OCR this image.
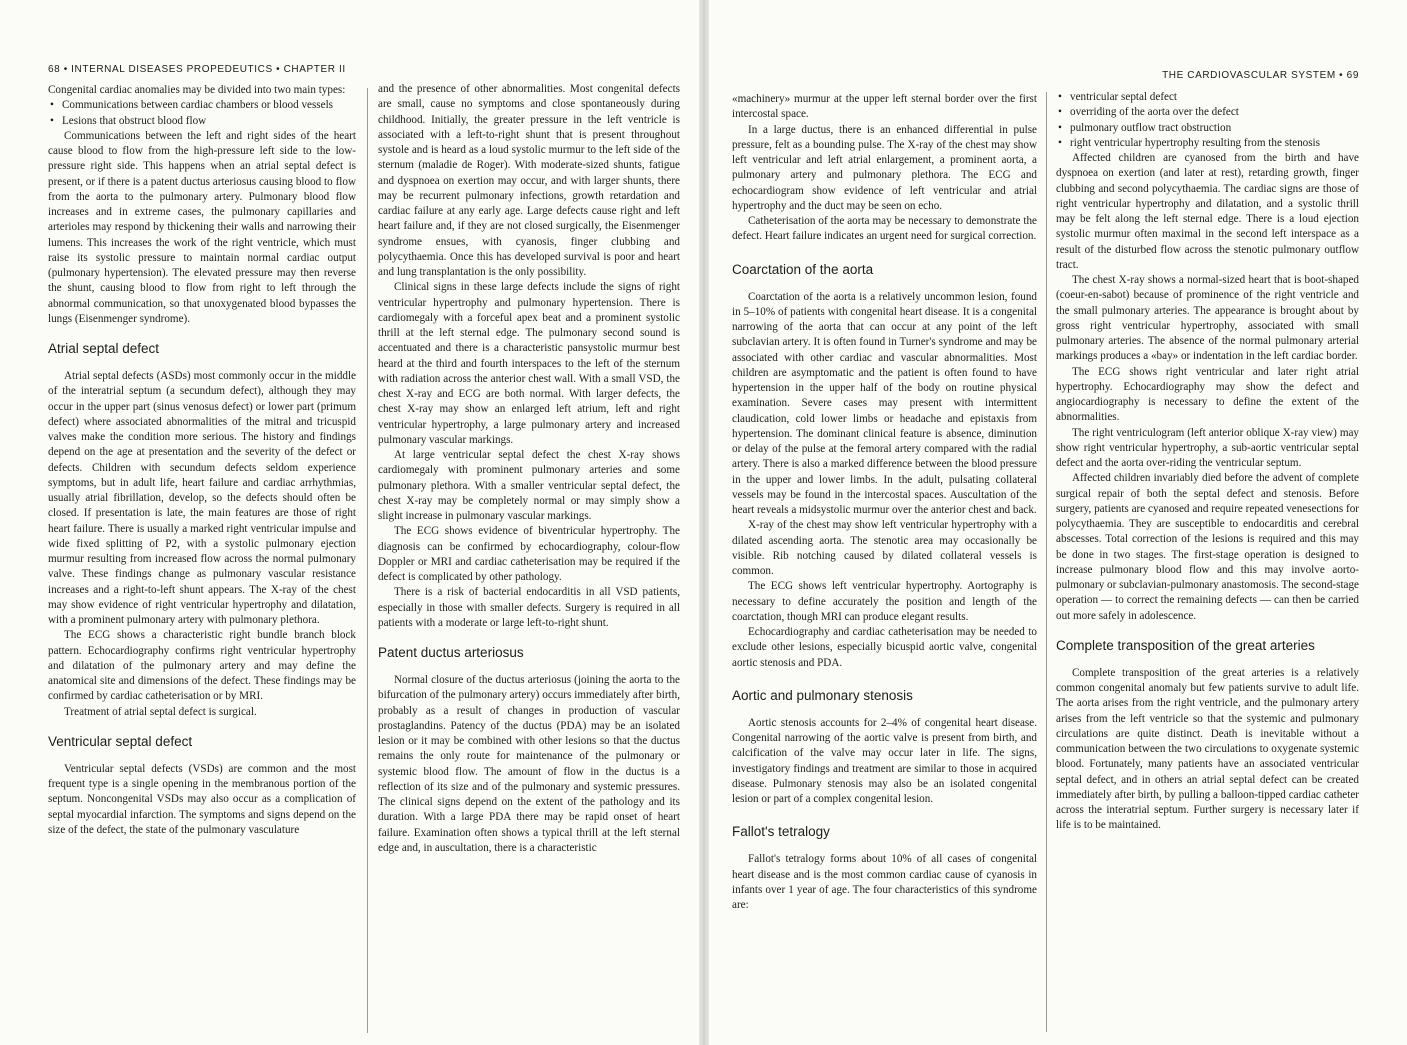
68 • INTERNAL DISEASES PROPEDEUTICS • CHAPTER II

Congenital cardiac anomalies may be divided into two main types:

• Communications between cardiac chambers or blood vessels

• Lesions that obstruct blood flow

Communications between the left and right sides of the heart cause blood to flow from the high-pressure left side to the low-pressure right side. This happens when an atrial septal defect is present, or if there is a patent ductus arteriosus causing blood to flow from the aorta to the pulmonary artery. Pulmonary blood flow increases and in extreme cases, the pulmonary capillaries and arterioles may respond by thickening their walls and narrowing their lumens. This increases the work of the right ventricle, which must raise its systolic pressure to maintain normal cardiac output (pulmonary hypertension). The elevated pressure may then reverse the shunt, causing blood to flow from right to left through the abnormal communication, so that unoxygenated blood bypasses the lungs (Eisenmenger syndrome).

Atrial septal defect

Atrial septal defects (ASDs) most commonly occur in the middle of the interatrial septum (a secundum defect), although they may occur in the upper part (sinus venosus defect) or lower part (primum defect) where associated abnormalities of the mitral and tricuspid valves make the condition more serious. The history and findings depend on the age at presentation and the severity of the defect or defects. Children with secundum defects seldom experience symptoms, but in adult life, heart failure and cardiac arrhythmias, usually atrial fibrillation, develop, so the defects should often be closed. If presentation is late, the main features are those of right heart failure. There is usually a marked right ventricular impulse and wide fixed splitting of P2, with a systolic pulmonary ejection murmur resulting from increased flow across the normal pulmonary valve. These findings change as pulmonary vascular resistance increases and a right-to-left shunt appears. The X-ray of the chest may show evidence of right ventricular hypertrophy and dilatation, with a prominent pulmonary artery with pulmonary plethora.

The ECG shows a characteristic right bundle branch block pattern. Echocardiography confirms right ventricular hypertrophy and dilatation of the pulmonary artery and may define the anatomical site and dimensions of the defect. These findings may be confirmed by cardiac catheterisation or by MRI.

Treatment of atrial septal defect is surgical.

Ventricular septal defect

Ventricular septal defects (VSDs) are common and the most frequent type is a single opening in the membranous portion of the septum. Noncongenital VSDs may also occur as a complication of septal myocardial infarction. The symptoms and signs depend on the size of the defect, the state of the pulmonary vasculature

and the presence of other abnormalities. Most congenital defects are small, cause no symptoms and close spontaneously during childhood. Initially, the greater pressure in the left ventricle is associated with a left-to-right shunt that is present throughout systole and is heard as a loud systolic murmur to the left side of the sternum (maladie de Roger). With moderate-sized shunts, fatigue and dyspnoea on exertion may occur, and with larger shunts, there may be recurrent pulmonary infections, growth retardation and cardiac failure at any early age. Large defects cause right and left heart failure and, if they are not closed surgically, the Eisenmenger syndrome ensues, with cyanosis, finger clubbing and polycythaemia. Once this has developed survival is poor and heart and lung transplantation is the only possibility.

Clinical signs in these large defects include the signs of right ventricular hypertrophy and pulmonary hypertension. There is cardiomegaly with a forceful apex beat and a prominent systolic thrill at the left sternal edge. The pulmonary second sound is accentuated and there is a characteristic pansystolic murmur best heard at the third and fourth interspaces to the left of the sternum with radiation across the anterior chest wall. With a small VSD, the chest X-ray and ECG are both normal. With larger defects, the chest X-ray may show an enlarged left atrium, left and right ventricular hypertrophy, a large pulmonary artery and increased pulmonary vascular markings.

At large ventricular septal defect the chest X-ray shows cardiomegaly with prominent pulmonary arteries and some pulmonary plethora. With a smaller ventricular septal defect, the chest X-ray may be completely normal or may simply show a slight increase in pulmonary vascular markings.

The ECG shows evidence of biventricular hypertrophy. The diagnosis can be confirmed by echocardiography, colour-flow Doppler or MRI and cardiac catheterisation may be required if the defect is complicated by other pathology.

There is a risk of bacterial endocarditis in all VSD patients, especially in those with smaller defects. Surgery is required in all patients with a moderate or large left-to-right shunt.

Patent ductus arteriosus

Normal closure of the ductus arteriosus (joining the aorta to the bifurcation of the pulmonary artery) occurs immediately after birth, probably as a result of changes in production of vascular prostaglandins. Patency of the ductus (PDA) may be an isolated lesion or it may be combined with other lesions so that the ductus remains the only route for maintenance of the pulmonary or systemic blood flow. The amount of flow in the ductus is a reflection of its size and of the pulmonary and systemic pressures. The clinical signs depend on the extent of the pathology and its duration. With a large PDA there may be rapid onset of heart failure. Examination often shows a typical thrill at the left sternal edge and, in auscultation, there is a characteristic

THE CARDIOVASCULAR SYSTEM • 69

«machinery» murmur at the upper left sternal border over the first intercostal space.

In a large ductus, there is an enhanced differential in pulse pressure, felt as a bounding pulse. The X-ray of the chest may show left ventricular and left atrial enlargement, a prominent aorta, a pulmonary artery and pulmonary plethora. The ECG and echocardiogram show evidence of left ventricular and atrial hypertrophy and the duct may be seen on echo.

Catheterisation of the aorta may be necessary to demonstrate the defect. Heart failure indicates an urgent need for surgical correction.

Coarctation of the aorta

Coarctation of the aorta is a relatively uncommon lesion, found in 5–10% of patients with congenital heart disease. It is a congenital narrowing of the aorta that can occur at any point of the left subclavian artery. It is often found in Turner's syndrome and may be associated with other cardiac and vascular abnormalities. Most children are asymptomatic and the patient is often found to have hypertension in the upper half of the body on routine physical examination. Severe cases may present with intermittent claudication, cold lower limbs or headache and epistaxis from hypertension. The dominant clinical feature is absence, diminution or delay of the pulse at the femoral artery compared with the radial artery. There is also a marked difference between the blood pressure in the upper and lower limbs. In the adult, pulsating collateral vessels may be found in the intercostal spaces. Auscultation of the heart reveals a midsystolic murmur over the anterior chest and back.

X-ray of the chest may show left ventricular hypertrophy with a dilated ascending aorta. The stenotic area may occasionally be visible. Rib notching caused by dilated collateral vessels is common.

The ECG shows left ventricular hypertrophy. Aortography is necessary to define accurately the position and length of the coarctation, though MRI can produce elegant results.

Echocardiography and cardiac catheterisation may be needed to exclude other lesions, especially bicuspid aortic valve, congenital aortic stenosis and PDA.

Aortic and pulmonary stenosis

Aortic stenosis accounts for 2–4% of congenital heart disease. Congenital narrowing of the aortic valve is present from birth, and calcification of the valve may occur later in life. The signs, investigatory findings and treatment are similar to those in acquired disease. Pulmonary stenosis may also be an isolated congenital lesion or part of a complex congenital lesion.

Fallot's tetralogy

Fallot's tetralogy forms about 10% of all cases of congenital heart disease and is the most common cardiac cause of cyanosis in infants over 1 year of age. The four characteristics of this syndrome are:

• ventricular septal defect

• overriding of the aorta over the defect

• pulmonary outflow tract obstruction

• right ventricular hypertrophy resulting from the stenosis

Affected children are cyanosed from the birth and have dyspnoea on exertion (and later at rest), retarding growth, finger clubbing and second polycythaemia. The cardiac signs are those of right ventricular hypertrophy and dilatation, and a systolic thrill may be felt along the left sternal edge. There is a loud ejection systolic murmur often maximal in the second left interspace as a result of the disturbed flow across the stenotic pulmonary outflow tract.

The chest X-ray shows a normal-sized heart that is boot-shaped (coeur-en-sabot) because of prominence of the right ventricle and the small pulmonary arteries. The appearance is brought about by gross right ventricular hypertrophy, associated with small pulmonary arteries. The absence of the normal pulmonary arterial markings produces a «bay» or indentation in the left cardiac border.

The ECG shows right ventricular and later right atrial hypertrophy. Echocardiography may show the defect and angiocardiography is necessary to define the extent of the abnormalities.

The right ventriculogram (left anterior oblique X-ray view) may show right ventricular hypertrophy, a sub-aortic ventricular septal defect and the aorta over-riding the ventricular septum.

Affected children invariably died before the advent of complete surgical repair of both the septal defect and stenosis. Before surgery, patients are cyanosed and require repeated venesections for polycythaemia. They are susceptible to endocarditis and cerebral abscesses. Total correction of the lesions is required and this may be done in two stages. The first-stage operation is designed to increase pulmonary blood flow and this may involve aorto-pulmonary or subclavian-pulmonary anastomosis. The second-stage operation — to correct the remaining defects — can then be carried out more safely in adolescence.

Complete transposition of the great arteries

Complete transposition of the great arteries is a relatively common congenital anomaly but few patients survive to adult life. The aorta arises from the right ventricle, and the pulmonary artery arises from the left ventricle so that the systemic and pulmonary circulations are quite distinct. Death is inevitable without a communication between the two circulations to oxygenate systemic blood. Fortunately, many patients have an associated ventricular septal defect, and in others an atrial septal defect can be created immediately after birth, by pulling a balloon-tipped cardiac catheter across the interatrial septum. Further surgery is necessary later if life is to be maintained.
